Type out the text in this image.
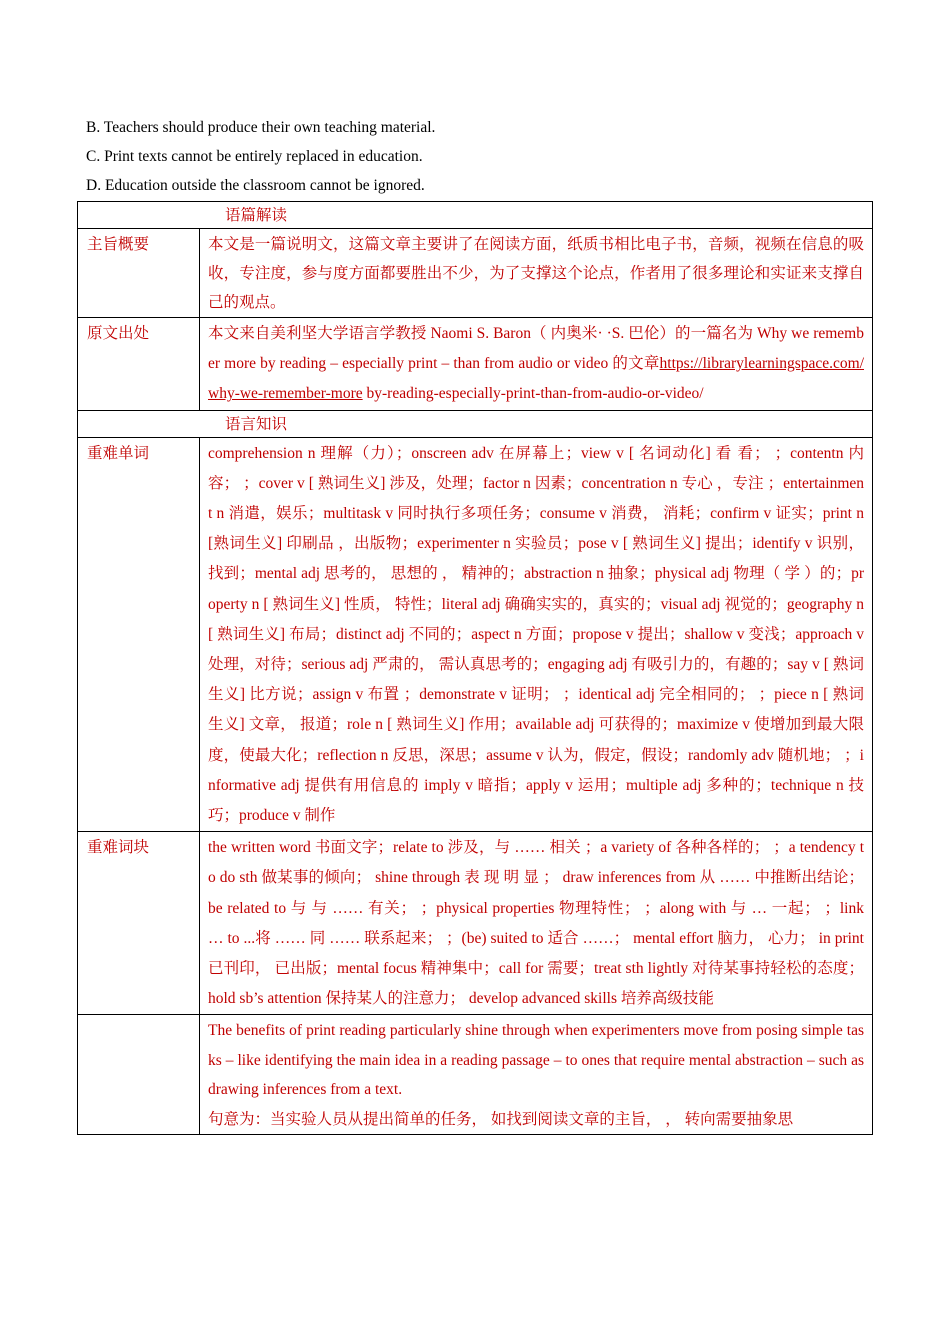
B. Teachers should produce their own teaching material.
C. Print texts cannot be entirely replaced in education.
D. Education outside the classroom cannot be ignored.
语篇解读	

主旨概要	本文是一篇说明文，这篇文章主要讲了在阅读方面，纸质书相比电子书，音频，视频在信息的吸收，专注度，参与度方面都要胜出不少，为了支撑这个论点，作者用了很多理论和实证来支撑自己的观点。

原文出处	本文来自美利坚大学语言学教授 Naomi S. Baron（ 内奥米· ·S. 巴伦）的一篇名为 Why we remember more by reading – especially print – than from audio or video 的文章https://librarylearningspace.com/why-we-remember-more by-reading-especially-print-than-from-audio-or-video/

语言知识	

重难单词	comprehension n 理解（力）；onscreen adv 在屏幕上；view v [ 名词动化] 看 看； ；contentn 内容； ；cover v [ 熟词生义] 涉及，处理；factor n 因素；concentration n 专心 ，专注 ；entertainment n 消遣，娱乐；multitask v 同时执行多项任务；consume v 消费， 消耗；confirm v 证实；print n [熟词生义] 印刷品 ，出版物；experimenter n 实验员；pose v [ 熟词生义] 提出；identify v 识别，找到；mental adj 思考的， 思想的 ， 精神的；abstraction n 抽象；physical adj 物理（ 学 ）的；property n [ 熟词生义] 性质， 特性；literal adj 确确实实的，真实的；visual adj 视觉的；geography n [ 熟词生义] 布局；distinct adj 不同的；aspect n 方面；propose v 提出；shallow v 变浅；approach v 处理，对待；serious adj 严肃的， 需认真思考的；engaging adj 有吸引力的，有趣的；say v [ 熟词生义] 比方说；assign v 布置 ；demonstrate v 证明； ；identical adj 完全相同的； ；piece n [ 熟词生义] 文章， 报道；role n [ 熟词生义] 作用；available adj 可获得的；maximize v 使增加到最大限度，使最大化；reflection n 反思，深思；assume v 认为，假定，假设；randomly adv 随机地； ；informative adj 提供有用信息的 imply v 暗指；apply v 运用；multiple adj 多种的；technique n 技巧；produce v 制作

重难词块	the written word 书面文字；relate to 涉及，与 …… 相关 ；a variety of 各种各样的； ；a tendency to do sth 做某事的倾向； shine through 表 现 明 显 ； draw inferences from 从 …… 中推断出结论；be related to 与 与 …… 有关； ；physical properties 物理特性； ；along with 与 … 一起； ；link … to ...将 …… 同 …… 联系起来； ；(be) suited to 适合 ……； mental effort 脑力， 心力； in print 已刊印， 已出版；mental focus 精神集中；call for 需要；treat sth lightly 对待某事持轻松的态度； hold sb’s attention 保持某人的注意力； develop advanced skills 培养高级技能

	The benefits of print reading particularly shine through when experimenters move from posing simple tasks – like identifying the main idea in a reading passage – to ones that require mental abstraction – such as drawing inferences from a text.
句意为：当实验人员从提出简单的任务， 如找到阅读文章的主旨， ， 转向需要抽象思
